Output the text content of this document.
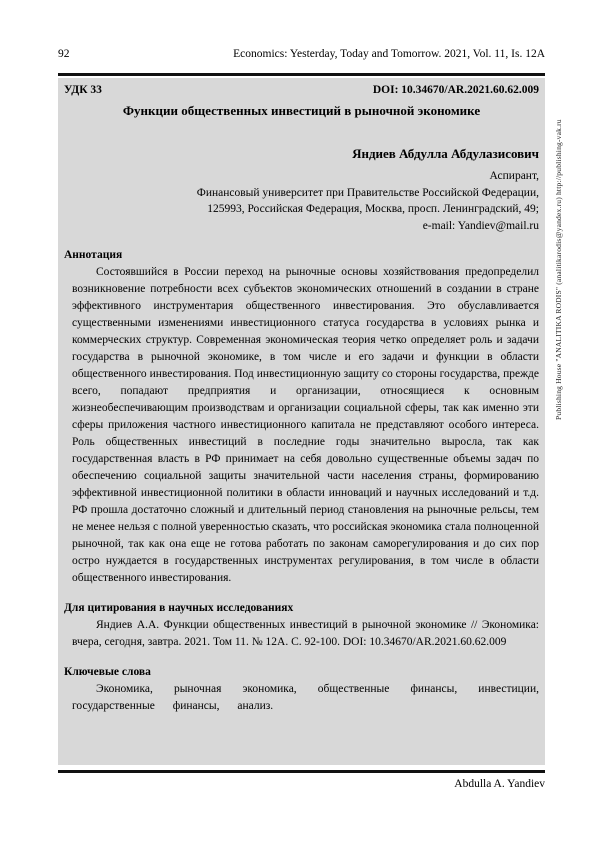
92	Economics: Yesterday, Today and Tomorrow. 2021, Vol. 11, Is. 12A
УДК 33	DOI: 10.34670/AR.2021.60.62.009
Функции общественных инвестиций в рыночной экономике
Яндиев Абдулла Абдулазисович
Аспирант,
Финансовый университет при Правительстве Российской Федерации,
125993, Российская Федерация, Москва, просп. Ленинградский, 49;
e-mail: Yandiev@mail.ru
Аннотация

Состоявшийся в России переход на рыночные основы хозяйствования предопределил возникновение потребности всех субъектов экономических отношений в создании в стране эффективного инструментария общественного инвестирования. Это обуславливается существенными изменениями инвестиционного статуса государства в условиях рынка и коммерческих структур. Современная экономическая теория четко определяет роль и задачи государства в рыночной экономике, в том числе и его задачи и функции в области общественного инвестирования. Под инвестиционную защиту со стороны государства, прежде всего, попадают предприятия и организации, относящиеся к основным жизнеобеспечивающим производствам и организации социальной сферы, так как именно эти сферы приложения частного инвестиционного капитала не представляют особого интереса. Роль общественных инвестиций в последние годы значительно выросла, так как государственная власть в РФ принимает на себя довольно существенные объемы задач по обеспечению социальной защиты значительной части населения страны, формированию эффективной инвестиционной политики в области инноваций и научных исследований и т.д. РФ прошла достаточно сложный и длительный период становления на рыночные рельсы, тем не менее нельзя с полной уверенностью сказать, что российская экономика стала полноценной рыночной, так как она еще не готова работать по законам саморегулирования и до сих пор остро нуждается в государственных инструментах регулирования, в том числе в области общественного инвестирования.

Для цитирования в научных исследованиях

Яндиев А.А. Функции общественных инвестиций в рыночной экономике // Экономика: вчера, сегодня, завтра. 2021. Том 11. № 12А. С. 92-100. DOI: 10.34670/AR.2021.60.62.009

Ключевые слова

Экономика, рыночная экономика, общественные финансы, инвестиции, государственные финансы, анализ.

Publishing House "ANALITIKA RODIS" (analitikarodis@yandex.ru) http://publishing-vak.ru
Abdulla A. Yandiev
